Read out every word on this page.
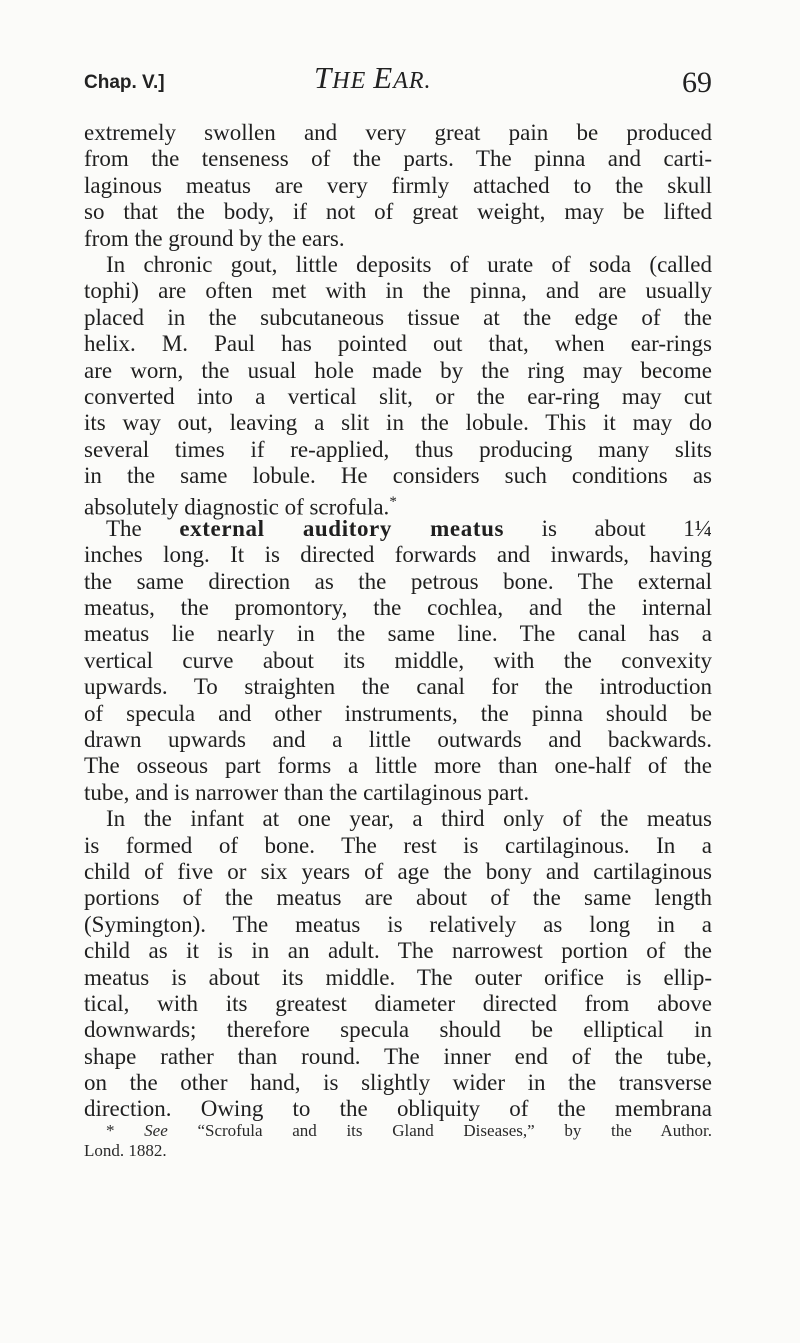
Chap. V.]	THE EAR.	69
extremely swollen and very great pain be produced
from the tenseness of the parts. The pinna and carti-
laginous meatus are very firmly attached to the skull
so that the body, if not of great weight, may be lifted
from the ground by the ears.
In chronic gout, little deposits of urate of soda (called
tophi) are often met with in the pinna, and are usually
placed in the subcutaneous tissue at the edge of the
helix. M. Paul has pointed out that, when ear-rings
are worn, the usual hole made by the ring may become
converted into a vertical slit, or the ear-ring may cut
its way out, leaving a slit in the lobule. This it may do
several times if re-applied, thus producing many slits
in the same lobule. He considers such conditions as
absolutely diagnostic of scrofula.*
The external auditory meatus is about 1¼
inches long. It is directed forwards and inwards, having
the same direction as the petrous bone. The external
meatus, the promontory, the cochlea, and the internal
meatus lie nearly in the same line. The canal has a
vertical curve about its middle, with the convexity
upwards. To straighten the canal for the introduction
of specula and other instruments, the pinna should be
drawn upwards and a little outwards and backwards.
The osseous part forms a little more than one-half of the
tube, and is narrower than the cartilaginous part.
In the infant at one year, a third only of the meatus
is formed of bone. The rest is cartilaginous. In a
child of five or six years of age the bony and cartilaginous
portions of the meatus are about of the same length
(Symington). The meatus is relatively as long in a
child as it is in an adult. The narrowest portion of the
meatus is about its middle. The outer orifice is ellip-
tical, with its greatest diameter directed from above
downwards; therefore specula should be elliptical in
shape rather than round. The inner end of the tube,
on the other hand, is slightly wider in the transverse
direction. Owing to the obliquity of the membrana
* See “Scrofula and its Gland Diseases,” by the Author.
Lond. 1882.
